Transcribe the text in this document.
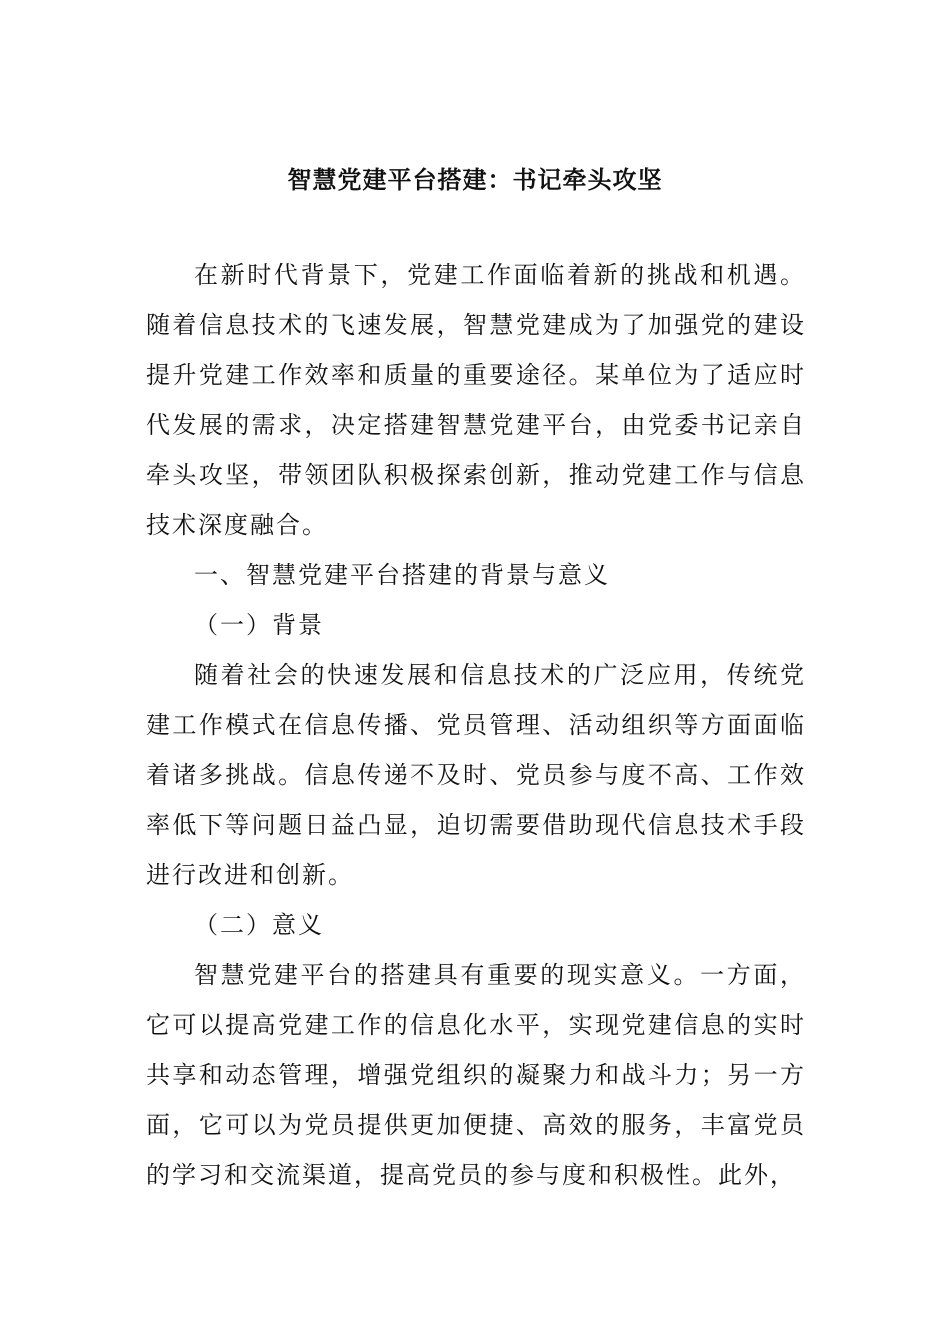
智慧党建平台搭建：书记牵头攻坚

在新时代背景下，党建工作面临着新的挑战和机遇。随着信息技术的飞速发展，智慧党建成为了加强党的建设提升党建工作效率和质量的重要途径。某单位为了适应时代发展的需求，决定搭建智慧党建平台，由党委书记亲自牵头攻坚，带领团队积极探索创新，推动党建工作与信息技术深度融合。

一、智慧党建平台搭建的背景与意义

（一）背景

随着社会的快速发展和信息技术的广泛应用，传统党建工作模式在信息传播、党员管理、活动组织等方面面临着诸多挑战。信息传递不及时、党员参与度不高、工作效率低下等问题日益凸显，迫切需要借助现代信息技术手段进行改进和创新。

（二）意义

智慧党建平台的搭建具有重要的现实意义。一方面，它可以提高党建工作的信息化水平，实现党建信息的实时共享和动态管理，增强党组织的凝聚力和战斗力；另一方面，它可以为党员提供更加便捷、高效的服务，丰富党员的学习和交流渠道，提高党员的参与度和积极性。此外，
